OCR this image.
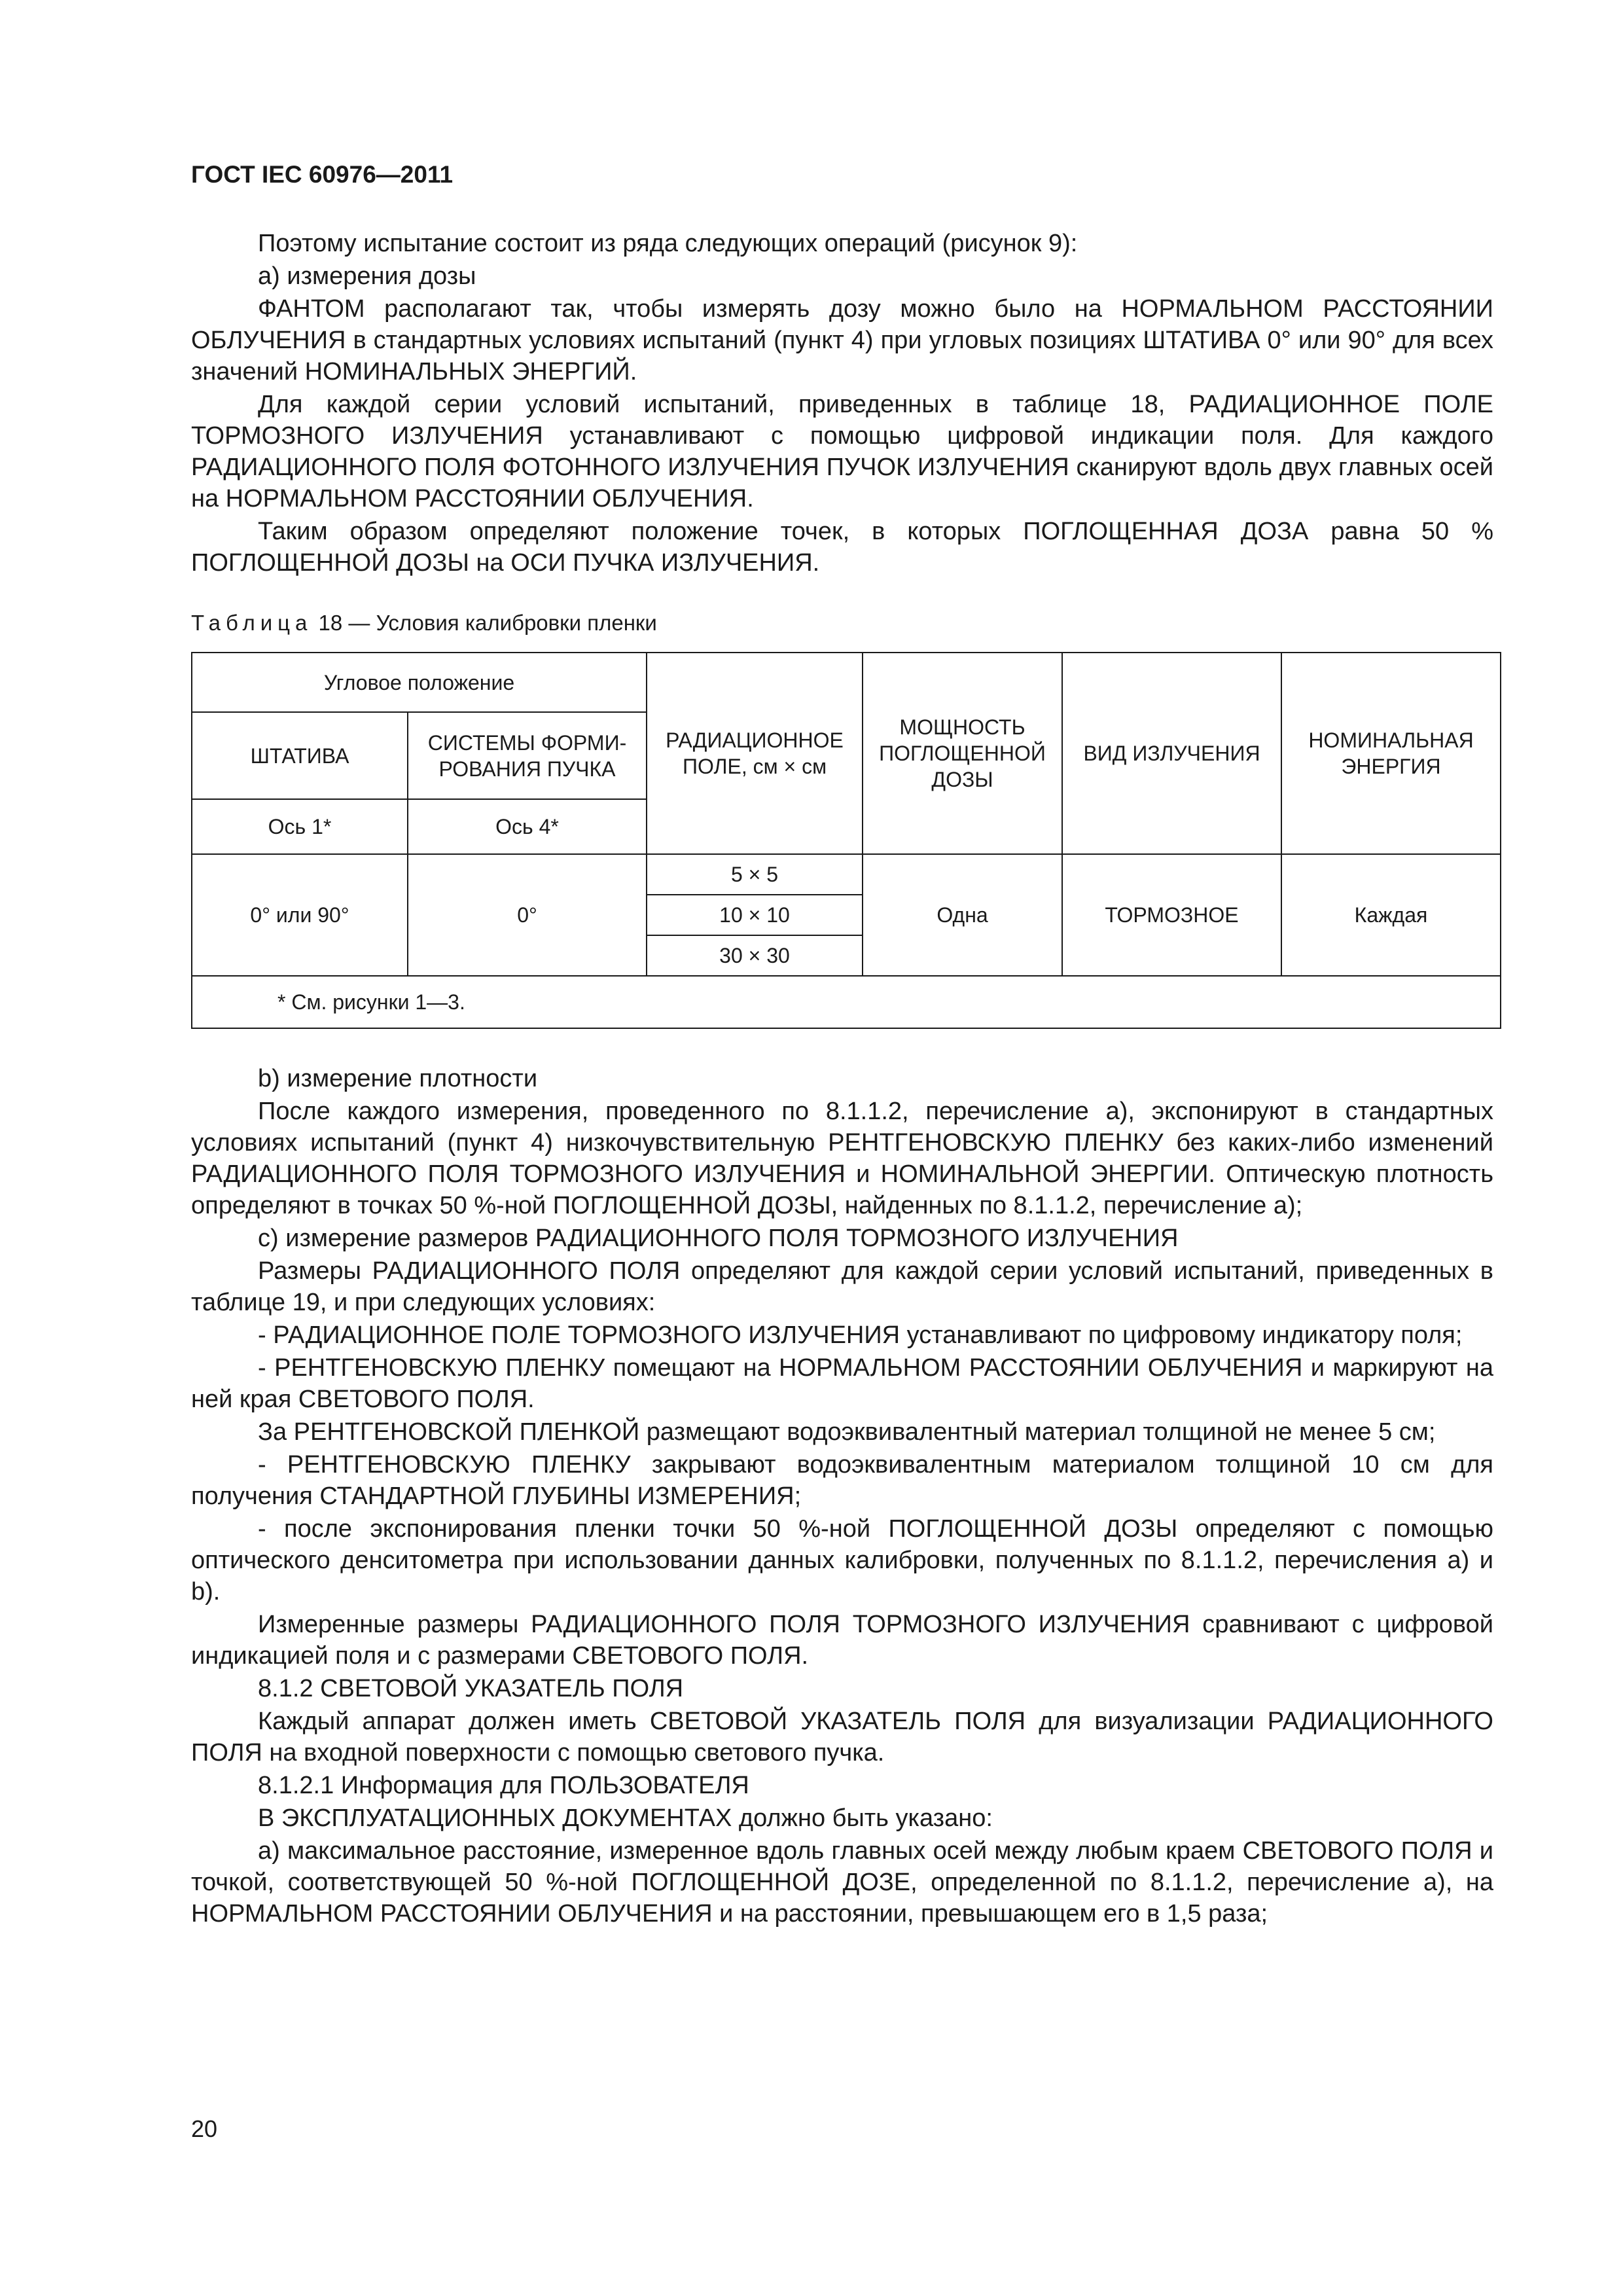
ГОСТ IEC 60976—2011

Поэтому испытание состоит из ряда следующих операций (рисунок 9):

a) измерения дозы

ФАНТОМ располагают так, чтобы измерять дозу можно было на НОРМАЛЬНОМ РАССТОЯНИИ ОБЛУЧЕНИЯ в стандартных условиях испытаний (пункт 4) при угловых позициях ШТАТИВА 0° или 90° для всех значений НОМИНАЛЬНЫХ ЭНЕРГИЙ.

Для каждой серии условий испытаний, приведенных в таблице 18, РАДИАЦИОННОЕ ПОЛЕ ТОРМОЗНОГО ИЗЛУЧЕНИЯ устанавливают с помощью цифровой индикации поля. Для каждого РАДИАЦИОННОГО ПОЛЯ ФОТОННОГО ИЗЛУЧЕНИЯ ПУЧОК ИЗЛУЧЕНИЯ сканируют вдоль двух главных осей на НОРМАЛЬНОМ РАССТОЯНИИ ОБЛУЧЕНИЯ.

Таким образом определяют положение точек, в которых ПОГЛОЩЕННАЯ ДОЗА равна 50 % ПОГЛОЩЕННОЙ ДОЗЫ на ОСИ ПУЧКА ИЗЛУЧЕНИЯ.

Таблица 18 — Условия калибровки пленки
Угловое положение		РАДИАЦИОННОЕ ПОЛЕ, см × см	МОЩНОСТЬ ПОГЛОЩЕННОЙ ДОЗЫ	ВИД ИЗЛУЧЕНИЯ	НОМИНАЛЬНАЯ ЭНЕРГИЯ
ШТАТИВА	СИСТЕМЫ ФОРМИ-РОВАНИЯ ПУЧКА				
Ось 1*	Ось 4*				
0° или 90°	0°	5 × 5	Одна	ТОРМОЗНОЕ	Каждая
		10 × 10			
		30 × 30			
* См. рисунки 1—3.					

b) измерение плотности

После каждого измерения, проведенного по 8.1.1.2, перечисление a), экспонируют в стандартных условиях испытаний (пункт 4) низкочувствительную РЕНТГЕНОВСКУЮ ПЛЕНКУ без каких-либо изменений РАДИАЦИОННОГО ПОЛЯ ТОРМОЗНОГО ИЗЛУЧЕНИЯ и НОМИНАЛЬНОЙ ЭНЕРГИИ. Оптическую плотность определяют в точках 50 %-ной ПОГЛОЩЕННОЙ ДОЗЫ, найденных по 8.1.1.2, перечисление a);

c) измерение размеров РАДИАЦИОННОГО ПОЛЯ ТОРМОЗНОГО ИЗЛУЧЕНИЯ

Размеры РАДИАЦИОННОГО ПОЛЯ определяют для каждой серии условий испытаний, приведенных в таблице 19, и при следующих условиях:

- РАДИАЦИОННОЕ ПОЛЕ ТОРМОЗНОГО ИЗЛУЧЕНИЯ устанавливают по цифровому индикатору поля;

- РЕНТГЕНОВСКУЮ ПЛЕНКУ помещают на НОРМАЛЬНОМ РАССТОЯНИИ ОБЛУЧЕНИЯ и маркируют на ней края СВЕТОВОГО ПОЛЯ.

За РЕНТГЕНОВСКОЙ ПЛЕНКОЙ размещают водоэквивалентный материал толщиной не менее 5 см;

- РЕНТГЕНОВСКУЮ ПЛЕНКУ закрывают водоэквивалентным материалом толщиной 10 см для получения СТАНДАРТНОЙ ГЛУБИНЫ ИЗМЕРЕНИЯ;

- после экспонирования пленки точки 50 %-ной ПОГЛОЩЕННОЙ ДОЗЫ определяют с помощью оптического денситометра при использовании данных калибровки, полученных по 8.1.1.2, перечисления a) и b).

Измеренные размеры РАДИАЦИОННОГО ПОЛЯ ТОРМОЗНОГО ИЗЛУЧЕНИЯ сравнивают с цифровой индикацией поля и с размерами СВЕТОВОГО ПОЛЯ.

8.1.2 СВЕТОВОЙ УКАЗАТЕЛЬ ПОЛЯ

Каждый аппарат должен иметь СВЕТОВОЙ УКАЗАТЕЛЬ ПОЛЯ для визуализации РАДИАЦИОННОГО ПОЛЯ на входной поверхности с помощью светового пучка.

8.1.2.1 Информация для ПОЛЬЗОВАТЕЛЯ

В ЭКСПЛУАТАЦИОННЫХ ДОКУМЕНТАХ должно быть указано:

a) максимальное расстояние, измеренное вдоль главных осей между любым краем СВЕТОВОГО ПОЛЯ и точкой, соответствующей 50 %-ной ПОГЛОЩЕННОЙ ДОЗЕ, определенной по 8.1.1.2, перечисление a), на НОРМАЛЬНОМ РАССТОЯНИИ ОБЛУЧЕНИЯ и на расстоянии, превышающем его в 1,5 раза;

20
